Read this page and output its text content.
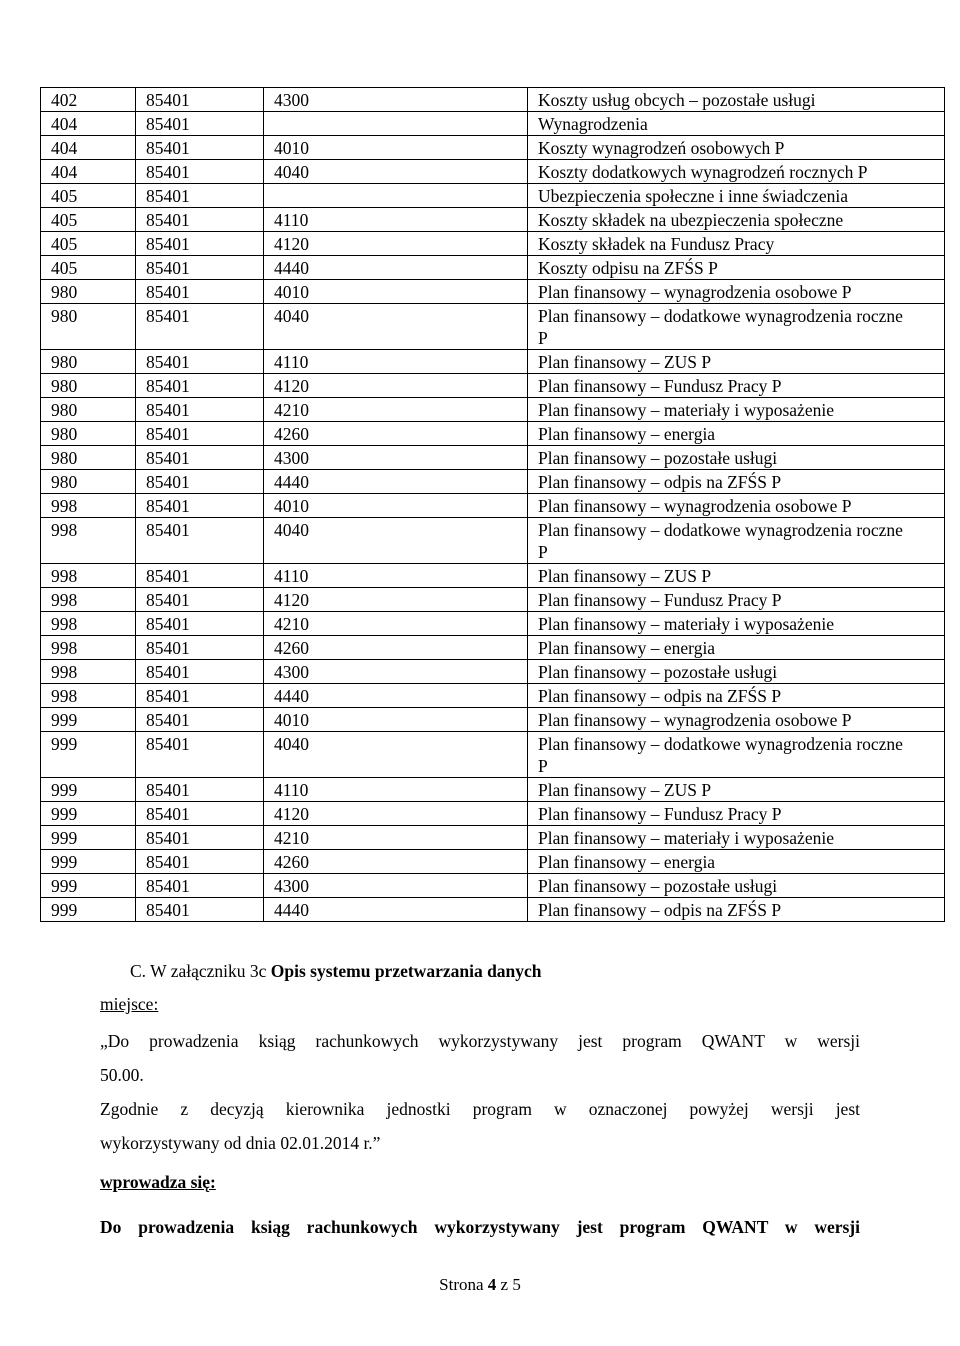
ZARZĄDZENIE NR 28/13/14 Z DNIA 13 MAJA 2014 R.
402	85401	4300	Koszty usług obcych – pozostałe usługi
404	85401		Wynagrodzenia
404	85401	4010	Koszty wynagrodzeń osobowych P
404	85401	4040	Koszty dodatkowych wynagrodzeń rocznych P
405	85401		Ubezpieczenia społeczne i inne świadczenia
405	85401	4110	Koszty składek na ubezpieczenia społeczne
405	85401	4120	Koszty składek na Fundusz Pracy
405	85401	4440	Koszty odpisu na ZFŚS P
980	85401	4010	Plan finansowy – wynagrodzenia osobowe P
980	85401	4040	Plan finansowy – dodatkowe wynagrodzenia roczne P
980	85401	4110	Plan finansowy – ZUS P
980	85401	4120	Plan finansowy – Fundusz Pracy P
980	85401	4210	Plan finansowy – materiały i wyposażenie
980	85401	4260	Plan finansowy – energia
980	85401	4300	Plan finansowy – pozostałe usługi
980	85401	4440	Plan finansowy – odpis na ZFŚS P
998	85401	4010	Plan finansowy – wynagrodzenia osobowe P
998	85401	4040	Plan finansowy – dodatkowe wynagrodzenia roczne P
998	85401	4110	Plan finansowy – ZUS P
998	85401	4120	Plan finansowy – Fundusz Pracy P
998	85401	4210	Plan finansowy – materiały i wyposażenie
998	85401	4260	Plan finansowy – energia
998	85401	4300	Plan finansowy – pozostałe usługi
998	85401	4440	Plan finansowy – odpis na ZFŚS P
999	85401	4010	Plan finansowy – wynagrodzenia osobowe P
999	85401	4040	Plan finansowy – dodatkowe wynagrodzenia roczne P
999	85401	4110	Plan finansowy – ZUS P
999	85401	4120	Plan finansowy – Fundusz Pracy P
999	85401	4210	Plan finansowy – materiały i wyposażenie
999	85401	4260	Plan finansowy – energia
999	85401	4300	Plan finansowy – pozostałe usługi
999	85401	4440	Plan finansowy – odpis na ZFŚS P

C. W załączniku 3c Opis systemu przetwarzania danych

miejsce:

„Do prowadzenia ksiąg rachunkowych wykorzystywany jest program QWANT w wersji

50.00.

Zgodnie z decyzją kierownika jednostki program w oznaczonej powyżej wersji jest

wykorzystywany od dnia 02.01.2014 r.”

wprowadza się:

Do prowadzenia ksiąg rachunkowych wykorzystywany jest program QWANT w wersji

Strona 4 z 5
